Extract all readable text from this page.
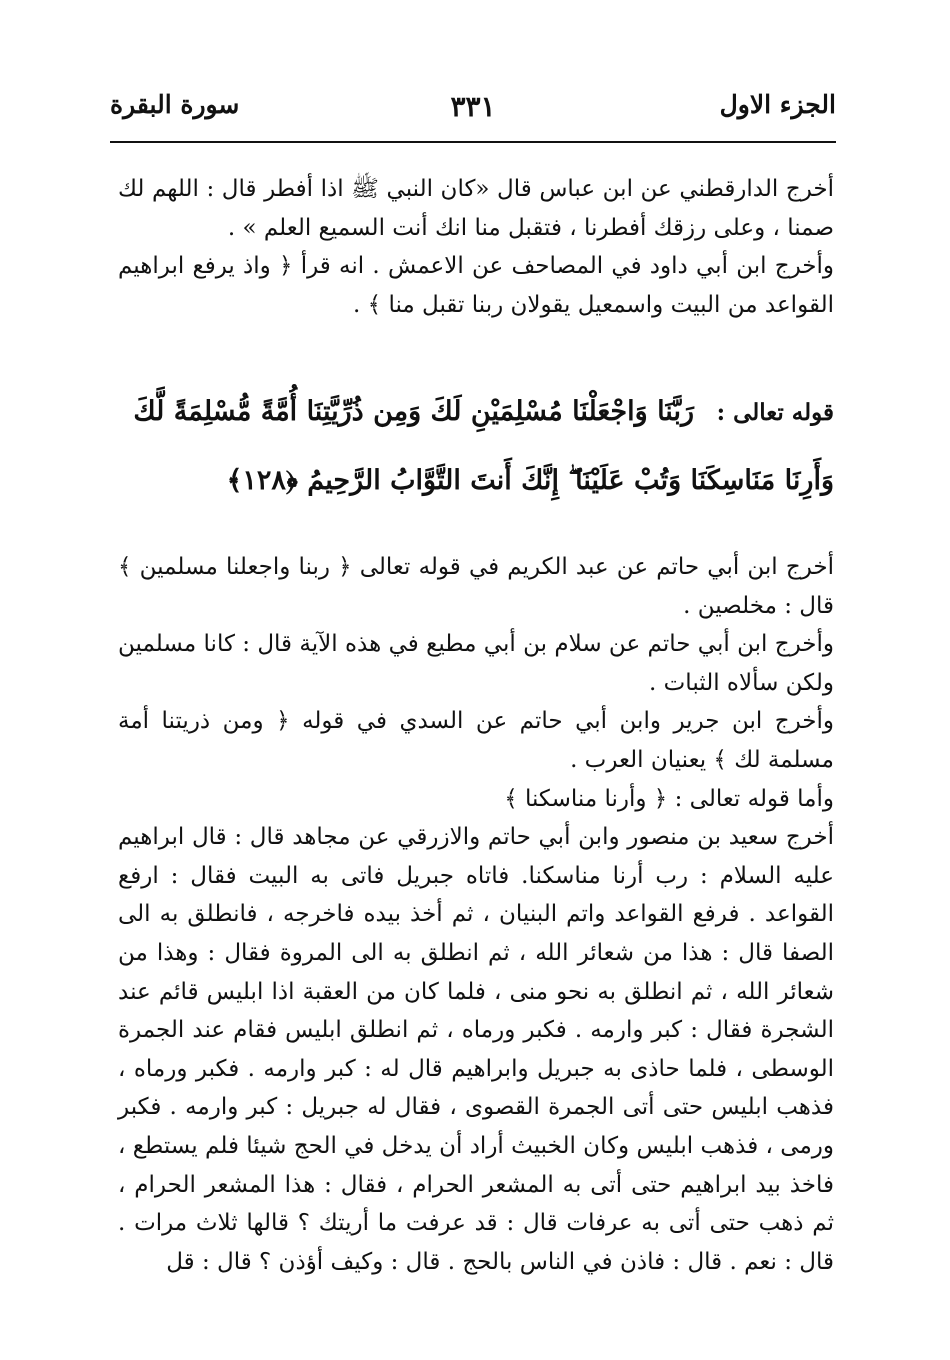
الجزء الاول
٣٣١
سورة البقرة

أخرج الدارقطني عن ابن عباس قال «كان النبي ﷺ اذا أفطر قال : اللهم لك صمنا ، وعلى رزقك أفطرنا ، فتقبل منا انك أنت السميع العلم » .

وأخرج ابن أبي داود في المصاحف عن الاعمش . انه قرأ ﴿ واذ يرفع ابراهيم القواعد من البيت واسمعيل يقولان ربنا تقبل منا ﴾ .

قوله تعالى : رَبَّنَا وَاجْعَلْنَا مُسْلِمَيْنِ لَكَ وَمِن ذُرِّيَّتِنَا أُمَّةً مُّسْلِمَةً لَّكَ وَأَرِنَا مَنَاسِكَنَا وَتُبْ عَلَيْنَا ۖ إِنَّكَ أَنتَ التَّوَّابُ الرَّحِيمُ ﴿١٢٨﴾

أخرج ابن أبي حاتم عن عبد الكريم في قوله تعالى ﴿ ربنا واجعلنا مسلمين ﴾ قال : مخلصين .

وأخرج ابن أبي حاتم عن سلام بن أبي مطيع في هذه الآية قال : كانا مسلمين ولكن سألاه الثبات .

وأخرج ابن جرير وابن أبي حاتم عن السدي في قوله ﴿ ومن ذريتنا أمة مسلمة لك ﴾ يعنيان العرب .

وأما قوله تعالى : ﴿ وأرنا مناسكنا ﴾

أخرج سعيد بن منصور وابن أبي حاتم والازرقي عن مجاهد قال : قال ابراهيم عليه السلام : رب أرنا مناسكنا. فاتاه جبريل فاتى به البيت فقال : ارفع القواعد . فرفع القواعد واتم البنيان ، ثم أخذ بيده فاخرجه ، فانطلق به الى الصفا قال : هذا من شعائر الله ، ثم انطلق به الى المروة فقال : وهذا من شعائر الله ، ثم انطلق به نحو منى ، فلما كان من العقبة اذا ابليس قائم عند الشجرة فقال : كبر وارمه . فكبر ورماه ، ثم انطلق ابليس فقام عند الجمرة الوسطى ، فلما حاذى به جبريل وابراهيم قال له : كبر وارمه . فكبر ورماه ، فذهب ابليس حتى أتى الجمرة القصوى ، فقال له جبريل : كبر وارمه . فكبر ورمى ، فذهب ابليس وكان الخبيث أراد أن يدخل في الحج شيئا فلم يستطع ، فاخذ بيد ابراهيم حتى أتى به المشعر الحرام ، فقال : هذا المشعر الحرام ، ثم ذهب حتى أتى به عرفات قال : قد عرفت ما أريتك ؟ قالها ثلاث مرات . قال : نعم . قال : فاذن في الناس بالحج . قال : وكيف أؤذن ؟ قال : قل
